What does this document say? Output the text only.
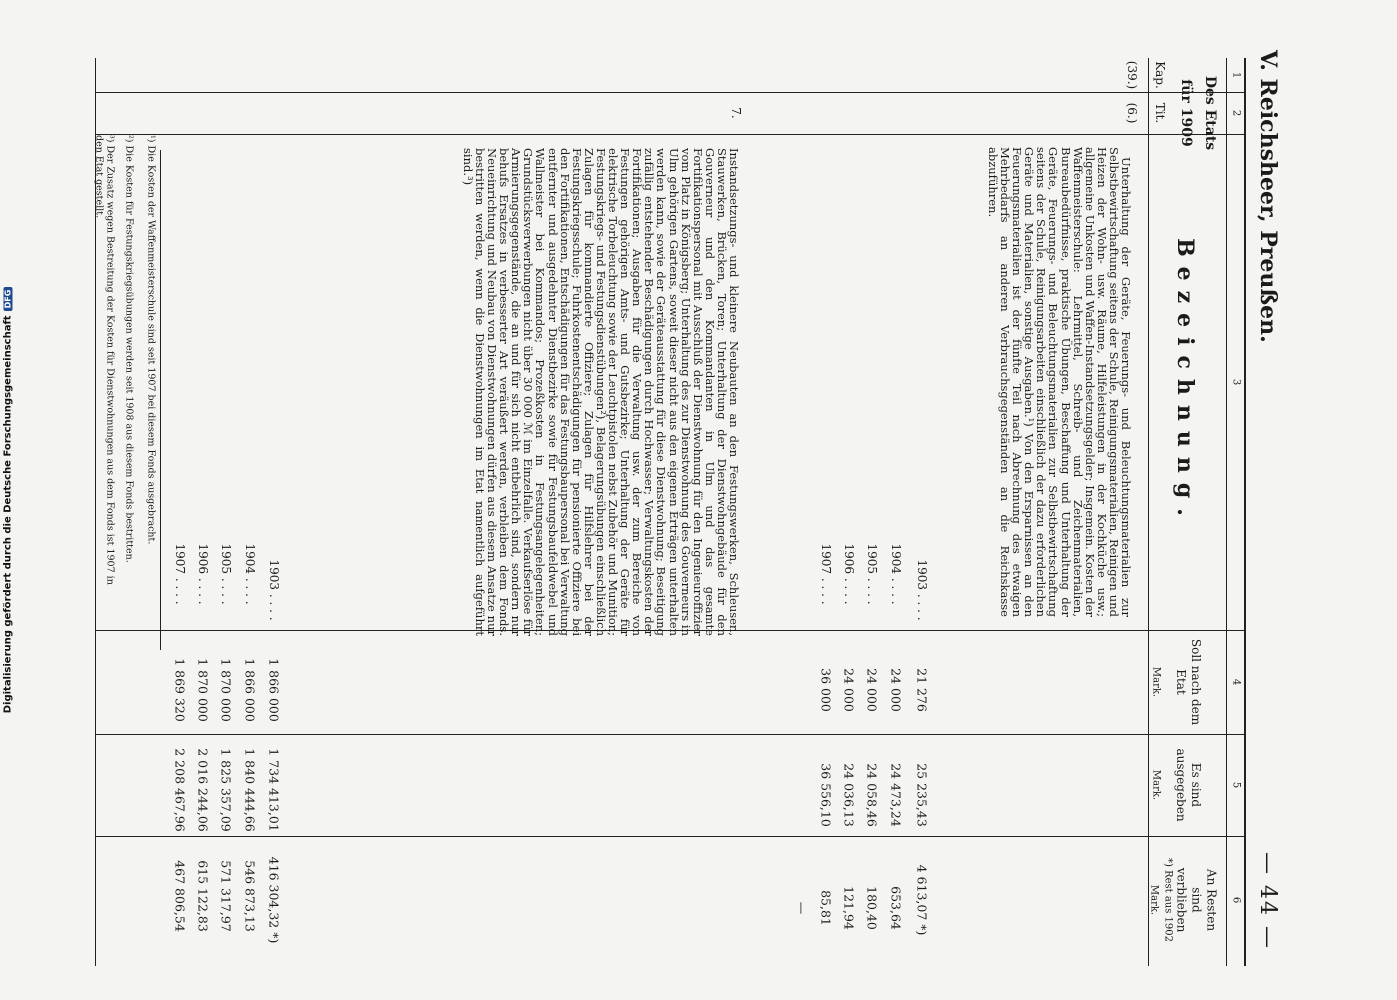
Digitalisierung gefördert durch die Deutsche Forschungsgemeinschaft
DFG	V. Reichsheer, Preußen.
— 44 —
1
2
3
4
5
6
Des Etats
für 1909
Kap.
Tit.
Bezeichnung.
Soll nach dem Etat
Es sind ausgegeben
An Resten sind verblieben
*) Rest aus 1902
Mark.
Mark.
Mark.
(39.)
(6.)
Unterhaltung der Geräte, Feuerungs- und Beleuchtungsmaterialien zur Selbstbewirtschaftung seitens der Schule, Reinigungsmaterialien, Reinigen und Heizen der Wohn- usw. Räume, Hilfeleistungen in der Kochküche usw.; allgemeine Unkosten und Waffen-Instandsetzungsgelder; Insgemein. Kosten der Waffenmeisterschule: Lehrmittel, Schreib- und Zeichenmaterialien, Bureaubedürfnisse, praktische Übungen, Beschaffung und Unterhaltung der Geräte, Feuerungs- und Beleuchtungsmaterialien zur Selbstbewirtschaftung seitens der Schule, Reinigungsarbeiten einschließlich der dazu erforderlichen Geräte und Materialien, sonstige Ausgaben.¹) Von den Ersparnissen an den Feuerungsmaterialien ist der fünfte Teil nach Abrechnung des etwaigen Mehrbedarfs an anderen Verbrauchsgegenständen an die Reichskasse abzuführen.
1903 . . . .
21 276
25 235,43
4 613,07 *)
1904 . . . .
24 000
24 473,24
653,64
1905 . . . .
24 000
24 058,46
180,40
1906 . . . .
24 000
24 036,13
121,94
1907 . . . .
36 000
36 556,10
85,81
—
7.
Instandsetzungs- und kleinere Neubauten an den Festungswerken, Schleusen, Stauwerken, Brücken, Toren; Unterhaltung der Dienstwohngebäude für den Gouverneur und den Kommandanten in Ulm und das gesamte Fortifikationspersonal mit Ausschluß der Dienstwohnung für den Ingenieuroffizier vom Platz in Königsberg; Unterhaltung des zur Dienstwohnung des Gouverneurs in Ulm gehörigen Gartens, soweit dieser nicht aus den eigenen Erträgen unterhalten werden kann, sowie der Geräteausstattung für diese Dienstwohnung; Beseitigung zufällig entstehender Beschädigungen durch Hochwasser; Verwaltungskosten der Fortifikationen; Ausgaben für die Verwaltung usw. der zum Bereiche von Festungen gehörigen Amts- und Gutsbezirke; Unterhaltung der Geräte für elektrische Torbeleuchtung sowie der Leuchtpistolen nebst Zubehör und Munition; Festungskriegs- und Festungsdienstübungen²), Belagerungsübungen einschließlich Zulagen für kommandierte Offiziere; Zulagen für Hilfslehrer bei der Festungskriegsschule; Fuhrkostenentschädigungen für pensionierte Offiziere bei den Fortifikationen, Entschädigungen für das Festungsbaupersonal bei Verwaltung entfernter und ausgedehnter Dienstbezirke sowie für Festungsbaufeldwebel und Wallmeister bei Kommandos; Prozeßkosten in Festungsangelegenheiten; Grundstücksverwerbungen nicht über 30 000 ℳ im Einzelfalle. Verkaufserlöse für Armierungsgegenstände, die an und für sich nicht entbehrlich sind, sondern nur behufs Ersatzes in verbesserter Art veräußert werden, verbleiben dem Fonds. Neueinrichtung und Neubau von Dienstwohnungen dürfen aus diesem Ansatze nur bestritten werden, wenn die Dienstwohnungen im Etat namentlich aufgeführt sind.³)
1903 . . . .
1 866 000
1 734 413,01
416 304,32 *)
1904 . . . .
1 866 000
1 840 444,66
546 873,13
1905 . . . .
1 870 000
1 825 357,09
571 317,97
1906 . . . .
1 870 000
2 016 244,06
615 122,83
1907 . . . .
1 869 320
2 208 467,96
467 806,54
¹) Die Kosten der Waffenmeisterschule sind seit 1907 bei diesem Fonds ausgebracht.
²) Die Kosten für Festungskriegsübungen werden seit 1908 aus diesem Fonds bestritten.
³) Der Zusatz wegen Bestreitung der Kosten für Dienstwohnungen aus dem Fonds ist 1907 in den Etat gestellt.
